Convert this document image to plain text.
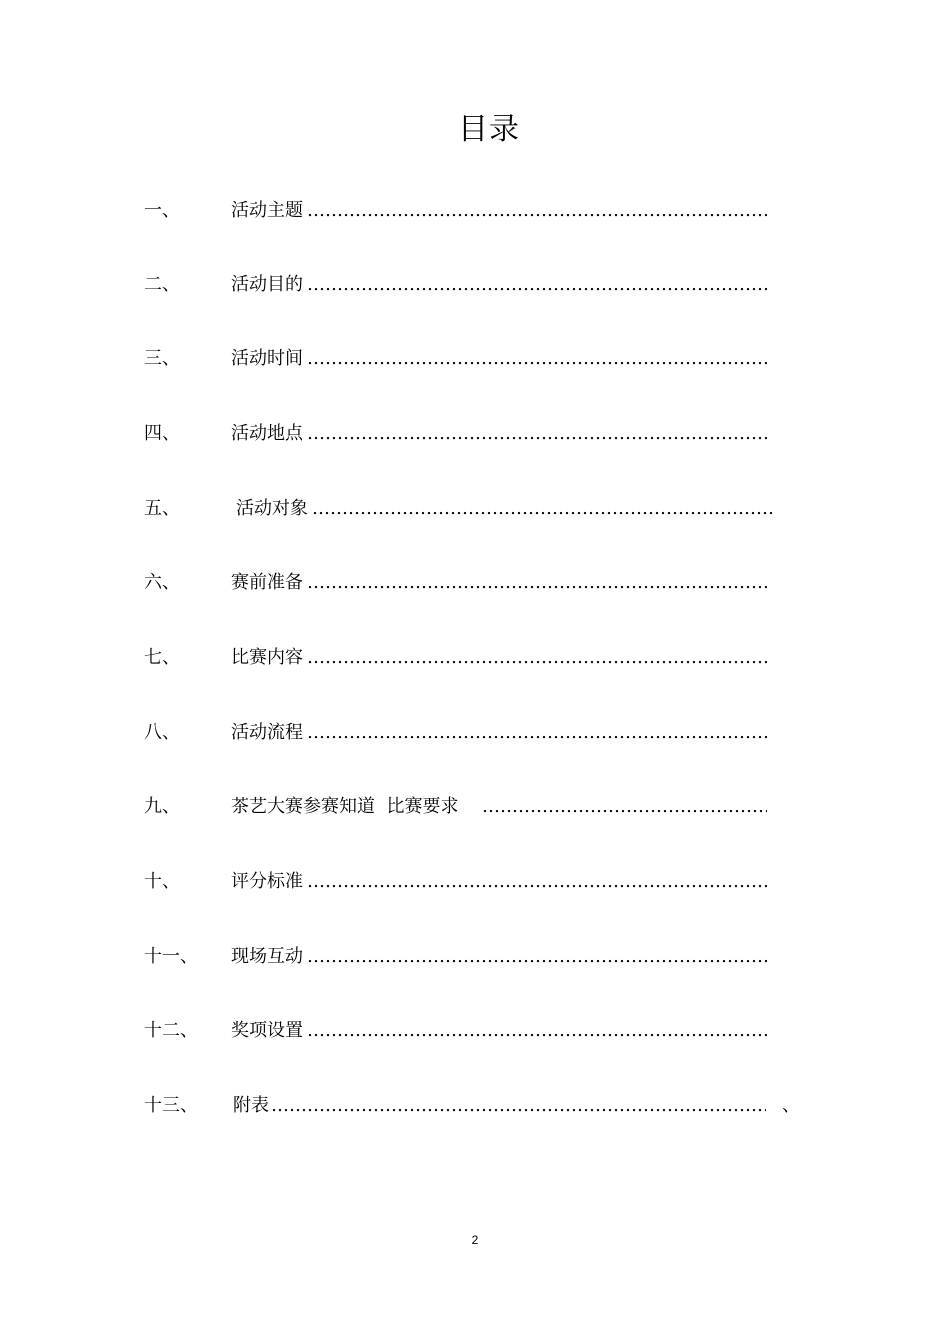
目录
一、	活动主题
…………………………………………………………………………………………………………
二、	活动目的
…………………………………………………………………………………………………………
三、	活动时间
…………………………………………………………………………………………………………
四、	活动地点
…………………………………………………………………………………………………………
五、	活动对象
…………………………………………………………………………………………………………
六、	赛前准备
…………………………………………………………………………………………………………
七、	比赛内容
…………………………………………………………………………………………………………
八、	活动流程
…………………………………………………………………………………………………………
九、	茶艺大赛参赛知道  比赛要求
…………………………………………………………………………………………………………
十、	评分标准
…………………………………………………………………………………………………………
十一、 现场互动
…………………………………………………………………………………………………………
十二、 奖项设置
…………………………………………………………………………………………………………
十三、 附表
…………………………………………………………………………………………………………	、
2
